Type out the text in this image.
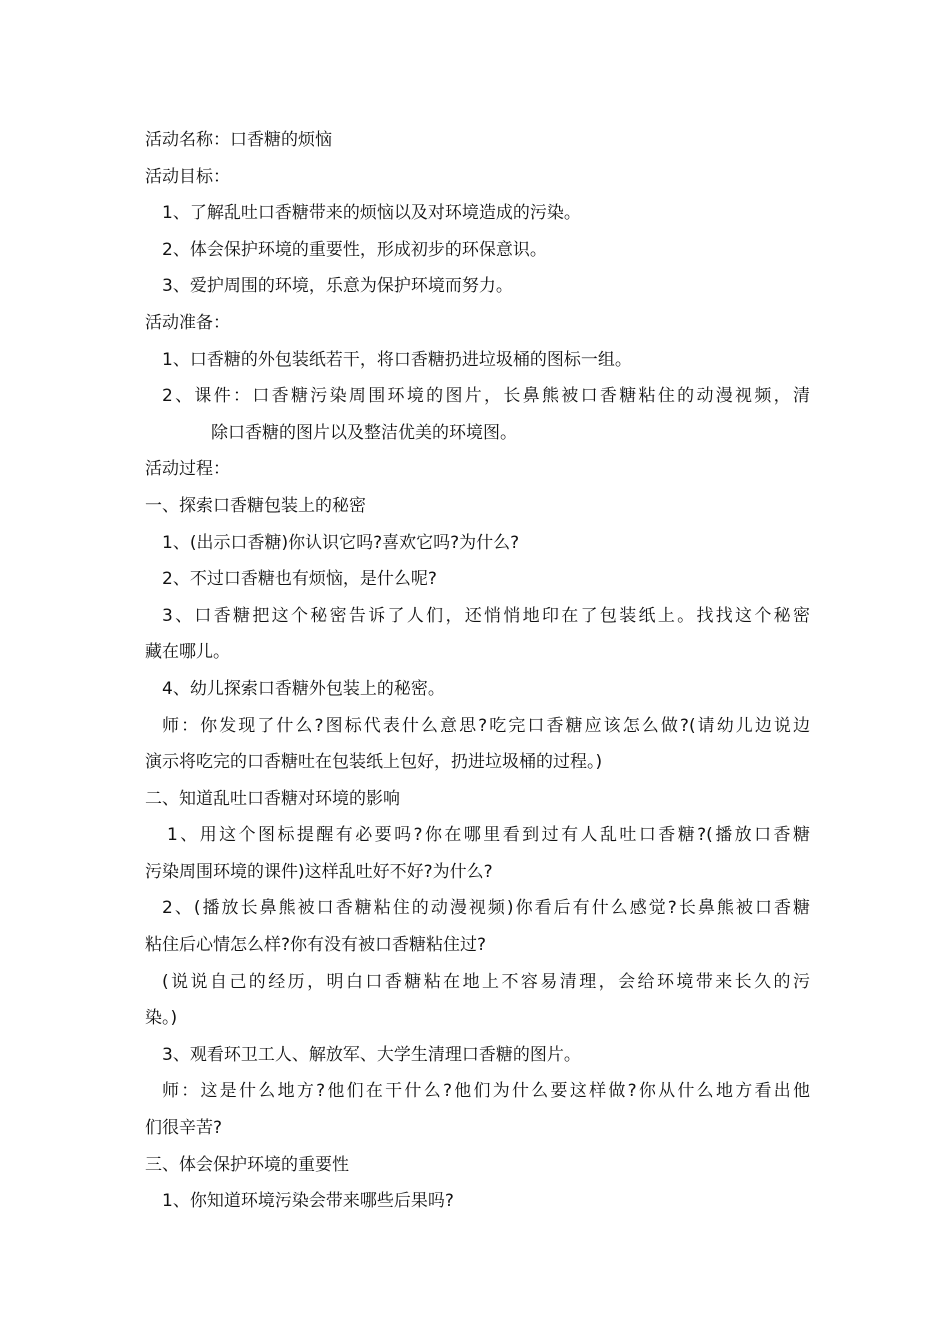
活动名称：口香糖的烦恼
活动目标：
1、了解乱吐口香糖带来的烦恼以及对环境造成的污染。
2、体会保护环境的重要性，形成初步的环保意识。
3、爱护周围的环境，乐意为保护环境而努力。
活动准备：
1、口香糖的外包装纸若干，将口香糖扔进垃圾桶的图标一组。
2、课件：口香糖污染周围环境的图片，长鼻熊被口香糖粘住的动漫视频，清
除口香糖的图片以及整洁优美的环境图。
活动过程：
一、探索口香糖包装上的秘密
1、(出示口香糖)你认识它吗?喜欢它吗?为什么?
2、不过口香糖也有烦恼，是什么呢?
3、口香糖把这个秘密告诉了人们，还悄悄地印在了包装纸上。找找这个秘密
藏在哪儿。
4、幼儿探索口香糖外包装上的秘密。
师：你发现了什么?图标代表什么意思?吃完口香糖应该怎么做?(请幼儿边说边
演示将吃完的口香糖吐在包装纸上包好，扔进垃圾桶的过程。)
二、知道乱吐口香糖对环境的影响
1、用这个图标提醒有必要吗?你在哪里看到过有人乱吐口香糖?(播放口香糖
污染周围环境的课件)这样乱吐好不好?为什么?
2、(播放长鼻熊被口香糖粘住的动漫视频)你看后有什么感觉?长鼻熊被口香糖
粘住后心情怎么样?你有没有被口香糖粘住过?
(说说自己的经历，明白口香糖粘在地上不容易清理，会给环境带来长久的污
染。)
3、观看环卫工人、解放军、大学生清理口香糖的图片。
师：这是什么地方?他们在干什么?他们为什么要这样做?你从什么地方看出他
们很辛苦?
三、体会保护环境的重要性
1、你知道环境污染会带来哪些后果吗?
